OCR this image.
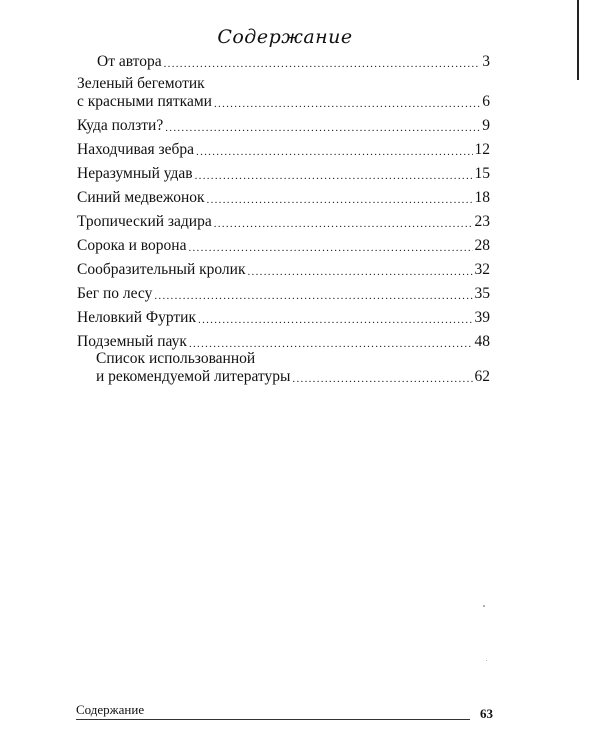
Содержание
От автора .....	3
Зеленый бегемотик
с красными пятками .....	6
Куда ползти? .....	9
Находчивая зебра .....	12
Неразумный удав .....	15
Синий медвежонок .....	18
Тропический задира .....	23
Сорока и ворона .....	28
Сообразительный кролик .....	32
Бег по лесу .....	35
Неловкий Фуртик .....	39
Подземный паук .....	48
Список использованной
и рекомендуемой литературы .....	62
Содержание	63
